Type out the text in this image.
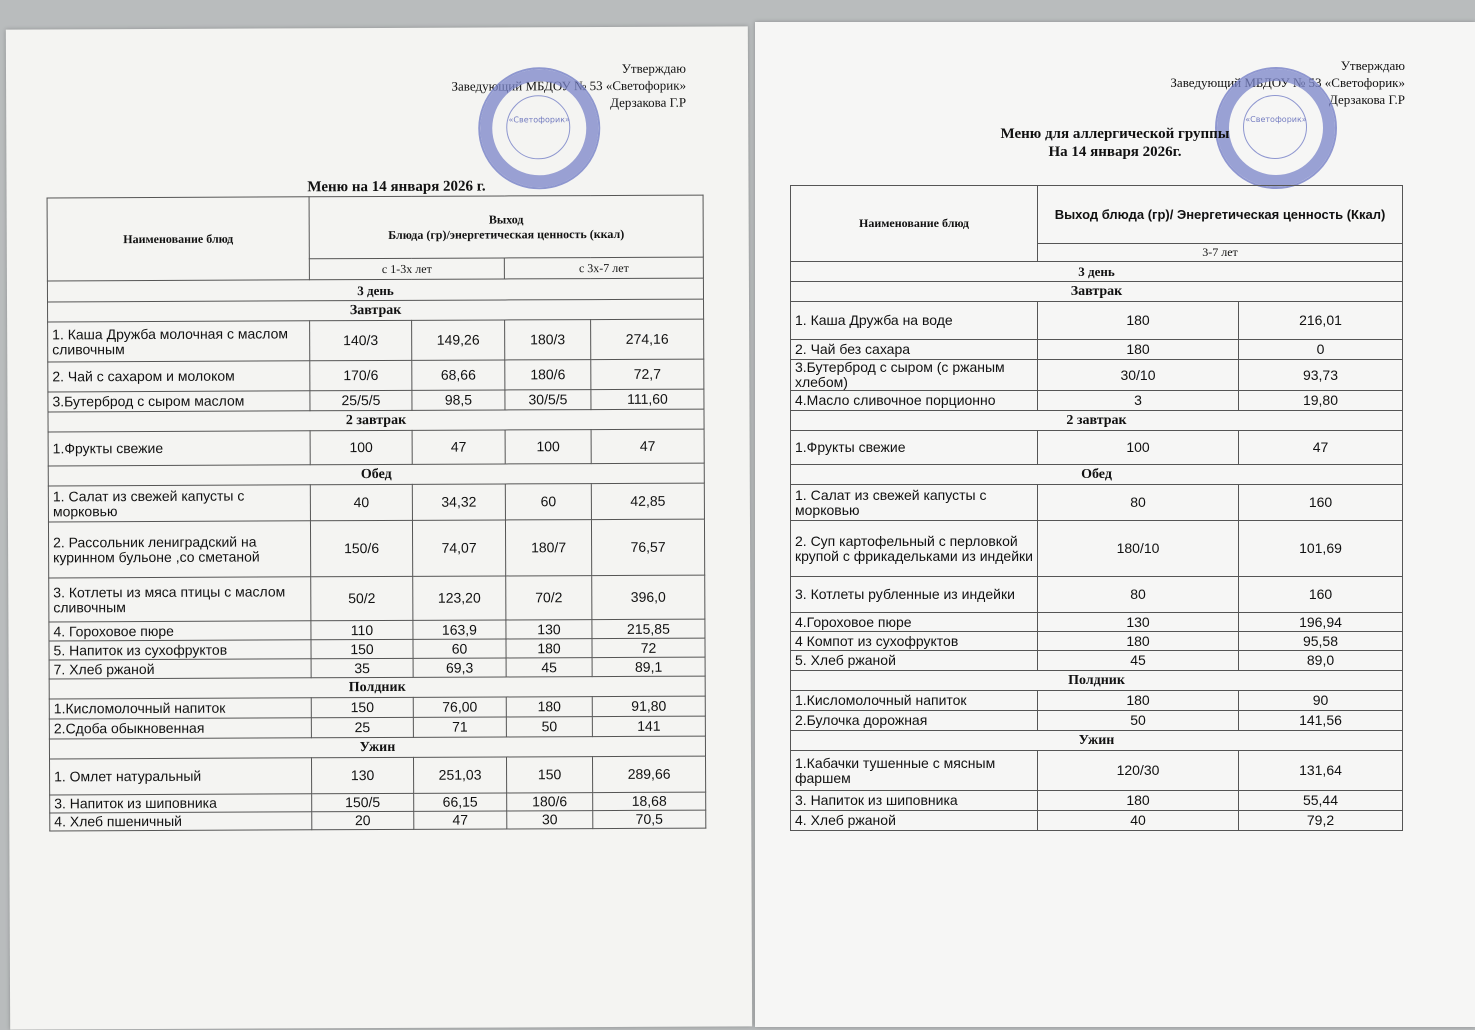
Утверждаю
Заведующий МБДОУ № 53 «Светофорик»
Дерзакова Г.Р
«Светофорик»
Меню на 14 января 2026 г.
Наименование блюд	Выход
Блюда (гр)/энергетическая ценность (ккал)			

	с 1-3х лет		с 3х-7 лет	
3 день				
Завтрак				
1. Каша Дружба молочная с маслом сливочным	140/3	149,26	180/3	274,16
2. Чай с сахаром и молоком	170/6	68,66	180/6	72,7
3.Бутерброд с сыром маслом	25/5/5	98,5	30/5/5	111,60
2 завтрак				
1.Фрукты свежие	100	47	100	47
Обед				
1. Салат из свежей капусты с морковью	40	34,32	60	42,85
2. Рассольник лениградский на куринном бульоне ,со сметаной	150/6	74,07	180/7	76,57
3. Котлеты из мяса птицы с маслом сливочным	50/2	123,20	70/2	396,0
4. Гороховое пюре	110	163,9	130	215,85
5. Напиток из сухофруктов	150	60	180	72
7. Хлеб ржаной	35	69,3	45	89,1
Полдник				
1.Кисломолочный напиток	150	76,00	180	91,80
2.Сдоба обыкновенная	25	71	50	141
Ужин				
1. Омлет натуральный	130	251,03	150	289,66
3. Напиток из шиповника	150/5	66,15	180/6	18,68
4. Хлеб пшеничный	20	47	30	70,5
Утверждаю
Заведующий МБДОУ № 53 «Светофорик»
Дерзакова Г.Р
«Светофорик»
Меню для аллергической группы
На 14 января 2026г.
Наименование блюд	Выход блюда (гр)/ Энергетическая ценность (Ккал)	
	3-7 лет	
3 день		
Завтрак		
1. Каша Дружба на воде	180	216,01
2. Чай без сахара	180	0
3.Бутерброд с сыром (с ржаным хлебом)	30/10	93,73
4.Масло сливочное порционно	3	19,80
2 завтрак		
1.Фрукты свежие	100	47
Обед		
1. Салат из свежей капусты с морковью	80	160
2. Суп картофельный с перловкой крупой с фрикадельками из индейки	180/10	101,69
3. Котлеты рубленные из индейки	80	160
4.Гороховое пюре	130	196,94
4 Компот из сухофруктов	180	95,58
5. Хлеб ржаной	45	89,0
Полдник		
1.Кисломолочный напиток	180	90
2.Булочка дорожная	50	141,56
Ужин		
1.Кабачки тушенные с мясным фаршем	120/30	131,64
3. Напиток из шиповника	180	55,44
4. Хлеб ржаной	40	79,2
